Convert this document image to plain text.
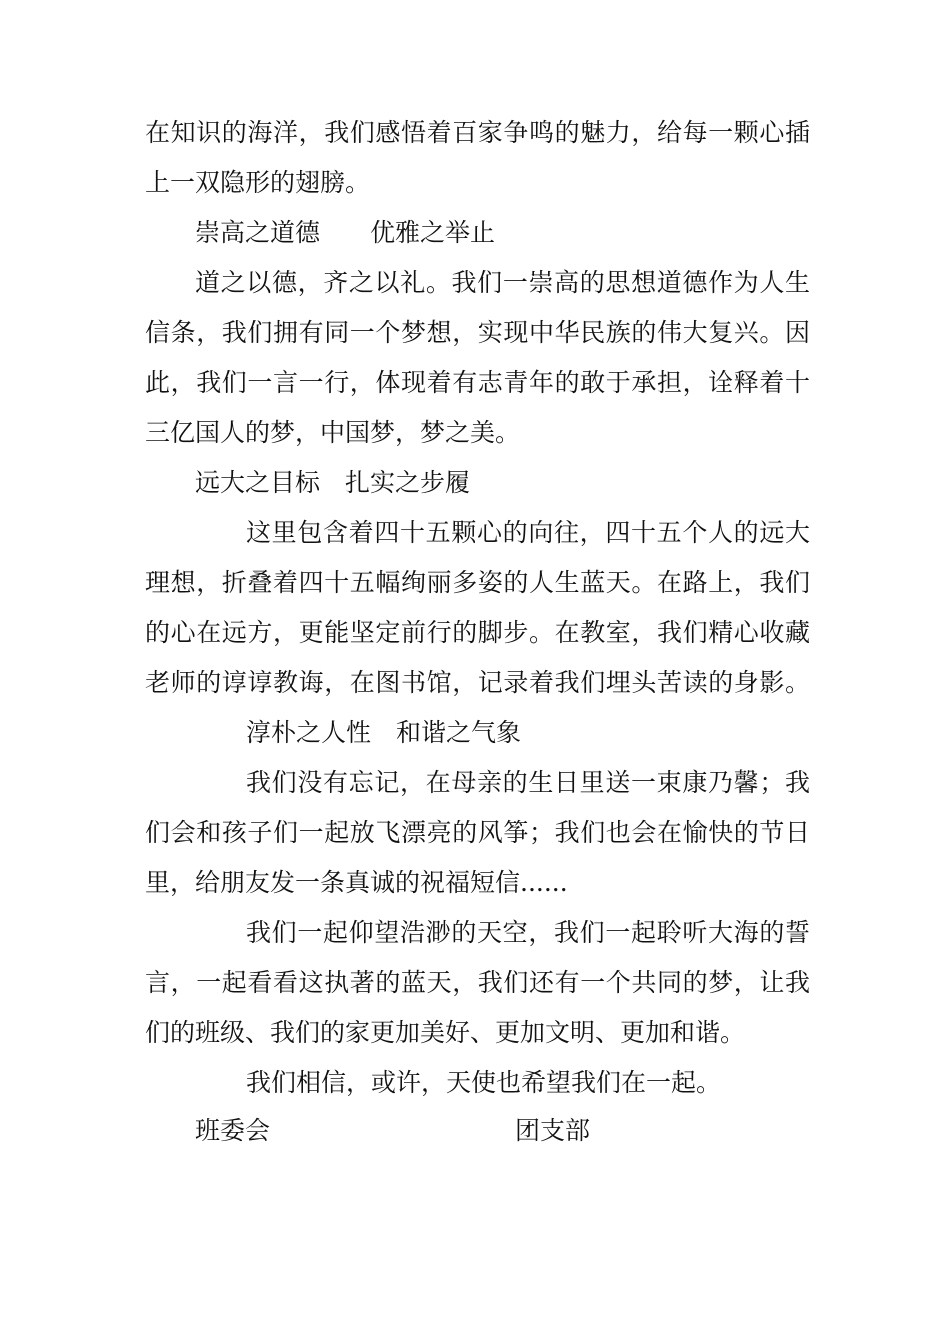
在知识的海洋，我们感悟着百家争鸣的魅力，给每一颗心插
上一双隐形的翅膀。
崇高之道德　　优雅之举止
道之以德，齐之以礼。我们一崇高的思想道德作为人生
信条，我们拥有同一个梦想，实现中华民族的伟大复兴。因
此，我们一言一行，体现着有志青年的敢于承担，诠释着十
三亿国人的梦，中国梦，梦之美。
远大之目标　扎实之步履
这里包含着四十五颗心的向往，四十五个人的远大
理想，折叠着四十五幅绚丽多姿的人生蓝天。在路上，我们
的心在远方，更能坚定前行的脚步。在教室，我们精心收藏
老师的谆谆教诲，在图书馆，记录着我们埋头苦读的身影。
淳朴之人性　和谐之气象
我们没有忘记，在母亲的生日里送一束康乃馨；我
们会和孩子们一起放飞漂亮的风筝；我们也会在愉快的节日
里，给朋友发一条真诚的祝福短信......
我们一起仰望浩渺的天空，我们一起聆听大海的誓
言，一起看看这执著的蓝天，我们还有一个共同的梦，让我
们的班级、我们的家更加美好、更加文明、更加和谐。
我们相信，或许，天使也希望我们在一起。
班委会	团支部
